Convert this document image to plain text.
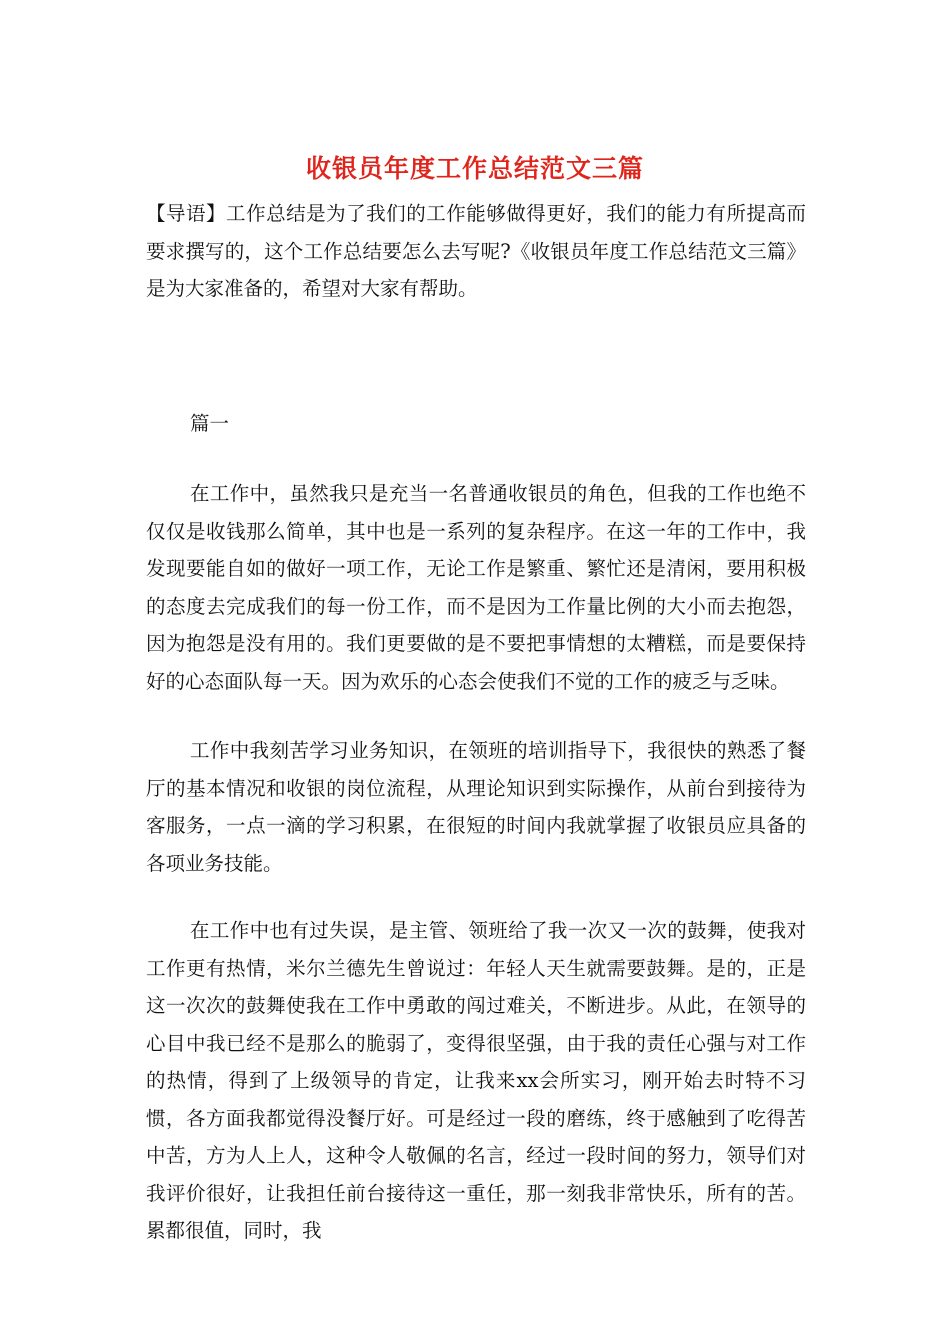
收银员年度工作总结范文三篇

【导语】工作总结是为了我们的工作能够做得更好，我们的能力有所提高而要求撰写的，这个工作总结要怎么去写呢?《收银员年度工作总结范文三篇》是为大家准备的，希望对大家有帮助。

篇一

在工作中，虽然我只是充当一名普通收银员的角色，但我的工作也绝不仅仅是收钱那么简单，其中也是一系列的复杂程序。在这一年的工作中，我发现要能自如的做好一项工作，无论工作是繁重、繁忙还是清闲，要用积极的态度去完成我们的每一份工作，而不是因为工作量比例的大小而去抱怨，因为抱怨是没有用的。我们更要做的是不要把事情想的太糟糕，而是要保持好的心态面队每一天。因为欢乐的心态会使我们不觉的工作的疲乏与乏味。

工作中我刻苦学习业务知识，在领班的培训指导下，我很快的熟悉了餐厅的基本情况和收银的岗位流程，从理论知识到实际操作，从前台到接待为客服务，一点一滴的学习积累，在很短的时间内我就掌握了收银员应具备的各项业务技能。

在工作中也有过失误，是主管、领班给了我一次又一次的鼓舞，使我对工作更有热情，米尔兰德先生曾说过：年轻人天生就需要鼓舞。是的，正是这一次次的鼓舞使我在工作中勇敢的闯过难关，不断进步。从此，在领导的心目中我已经不是那么的脆弱了，变得很坚强，由于我的责任心强与对工作的热情，得到了上级领导的肯定，让我来xx会所实习，刚开始去时特不习惯，各方面我都觉得没餐厅好。可是经过一段的磨练，终于感触到了吃得苦中苦，方为人上人，这种令人敬佩的名言，经过一段时间的努力，领导们对我评价很好，让我担任前台接待这一重任，那一刻我非常快乐，所有的苦。累都很值，同时，我
